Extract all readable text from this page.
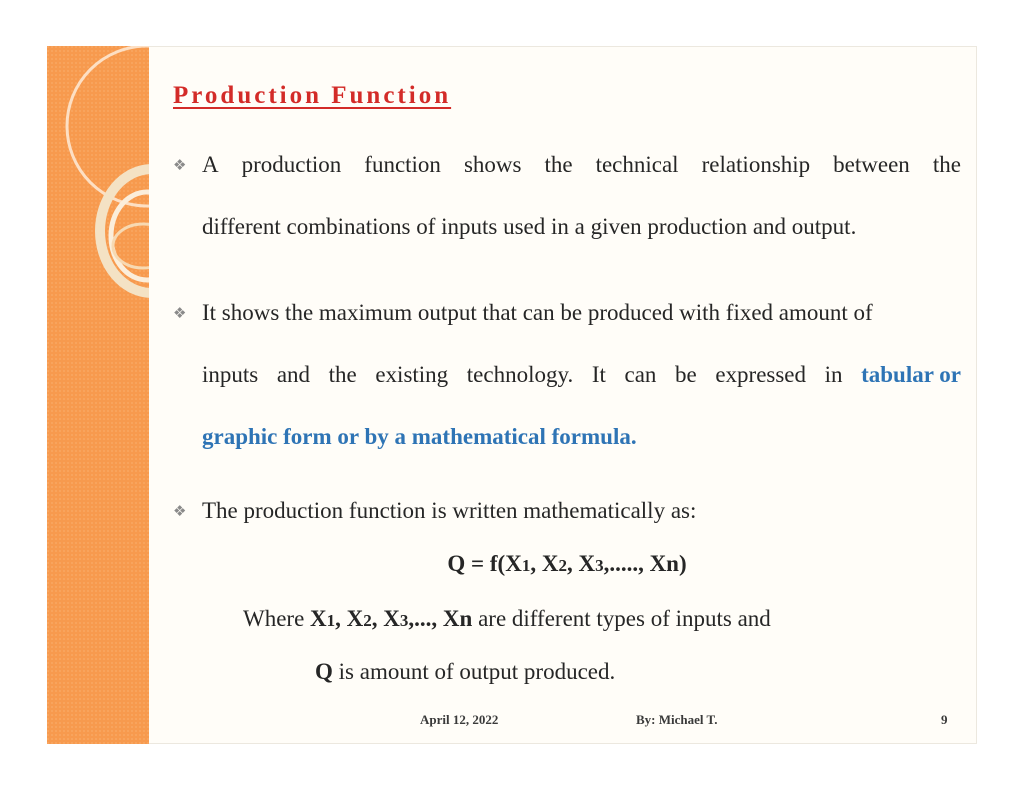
Production Function
❖ A production function shows the technical relationship between the
different combinations of inputs used in a given production and output.
❖ It shows the maximum output that can be produced with fixed amount of
inputs and the existing technology. It can be expressed in tabular or
graphic form or by a mathematical formula.
❖ The production function is written mathematically as:
Q = f(X1, X2, X3,....., Xn)
Where X1, X2, X3,..., Xn are different types of inputs and
Q is amount of output produced.
April 12, 2022	By: Michael T.	9
